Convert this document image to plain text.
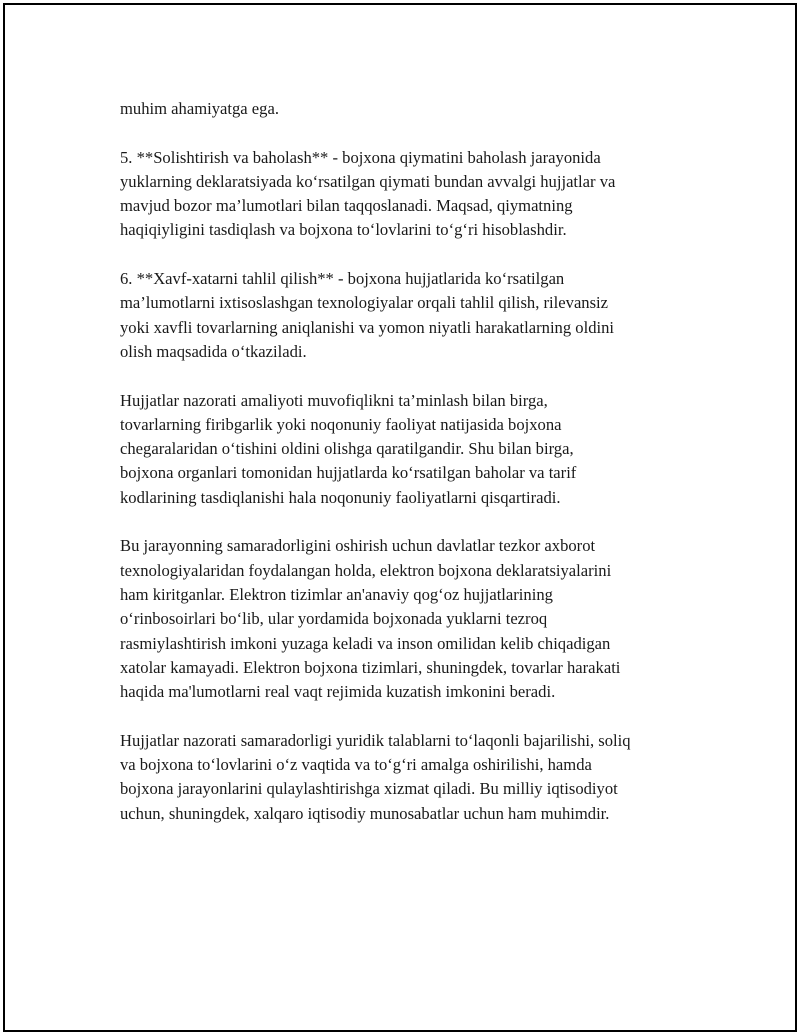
muhim ahamiyatga ega.

5. **Solishtirish va baholash** - bojxona qiymatini baholash jarayonida
yuklarning deklaratsiyada ko‘rsatilgan qiymati bundan avvalgi hujjatlar va
mavjud bozor ma’lumotlari bilan taqqoslanadi. Maqsad, qiymatning
haqiqiyligini tasdiqlash va bojxona to‘lovlarini to‘g‘ri hisoblashdir.

6. **Xavf-xatarni tahlil qilish** - bojxona hujjatlarida ko‘rsatilgan
ma’lumotlarni ixtisoslashgan texnologiyalar orqali tahlil qilish, rilevansiz
yoki xavfli tovarlarning aniqlanishi va yomon niyatli harakatlarning oldini
olish maqsadida o‘tkaziladi.

Hujjatlar nazorati amaliyoti muvofiqlikni ta’minlash bilan birga,
tovarlarning firibgarlik yoki noqonuniy faoliyat natijasida bojxona
chegaralaridan o‘tishini oldini olishga qaratilgandir. Shu bilan birga,
bojxona organlari tomonidan hujjatlarda ko‘rsatilgan baholar va tarif
kodlarining tasdiqlanishi hala noqonuniy faoliyatlarni qisqartiradi.

Bu jarayonning samaradorligini oshirish uchun davlatlar tezkor axborot
texnologiyalaridan foydalangan holda, elektron bojxona deklaratsiyalarini
ham kiritganlar. Elektron tizimlar an'anaviy qog‘oz hujjatlarining
o‘rinbosoirlari bo‘lib, ular yordamida bojxonada yuklarni tezroq
rasmiylashtirish imkoni yuzaga keladi va inson omilidan kelib chiqadigan
xatolar kamayadi. Elektron bojxona tizimlari, shuningdek, tovarlar harakati
haqida ma'lumotlarni real vaqt rejimida kuzatish imkonini beradi.

Hujjatlar nazorati samaradorligi yuridik talablarni to‘laqonli bajarilishi, soliq
va bojxona to‘lovlarini o‘z vaqtida va to‘g‘ri amalga oshirilishi, hamda
bojxona jarayonlarini qulaylashtirishga xizmat qiladi. Bu milliy iqtisodiyot
uchun, shuningdek, xalqaro iqtisodiy munosabatlar uchun ham muhimdir.
